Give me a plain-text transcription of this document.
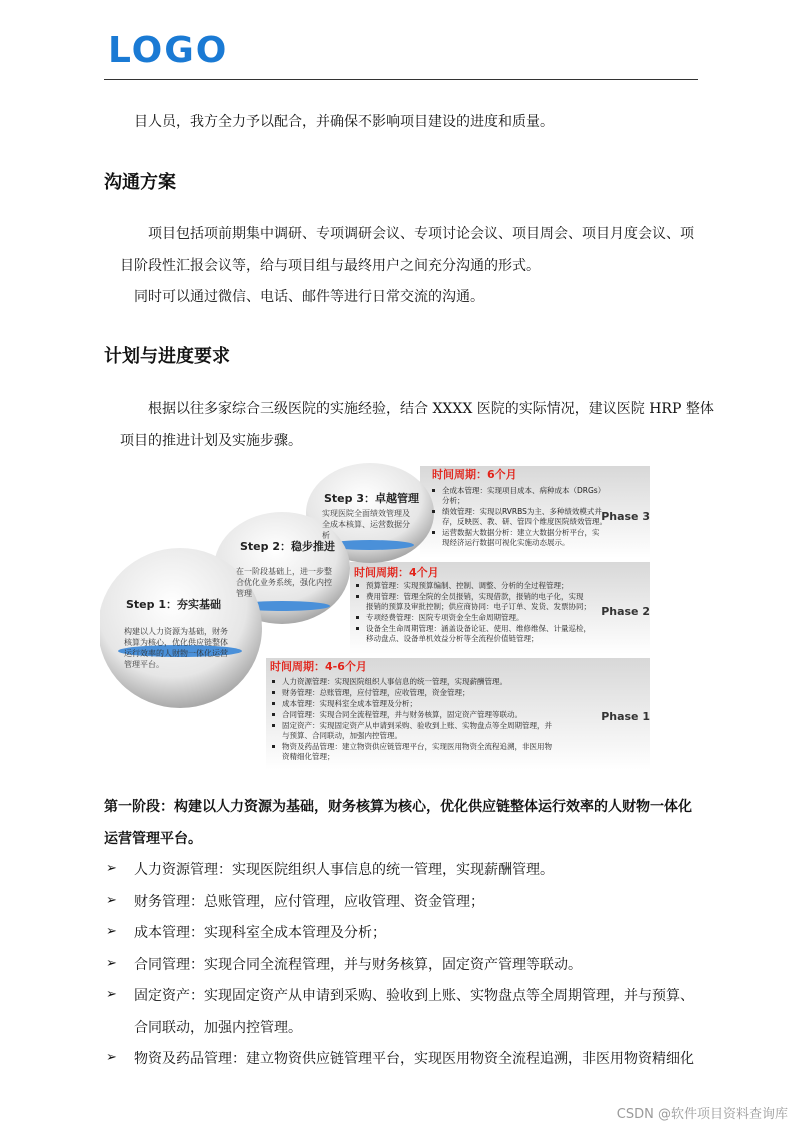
LOGO
目人员，我方全力予以配合，并确保不影响项目建设的进度和质量。
沟通方案
项目包括项前期集中调研、专项调研会议、专项讨论会议、项目周会、项目月度会议、项
目阶段性汇报会议等，给与项目组与最终用户之间充分沟通的形式。
同时可以通过微信、电话、邮件等进行日常交流的沟通。
计划与进度要求
根据以往多家综合三级医院的实施经验，结合 XXXX 医院的实际情况，建议医院 HRP 整体
项目的推进计划及实施步骤。
Step 3：卓越管理
Step 2：稳步推进
Step 1：夯实基础
实现医院全面绩效管理及
全成本核算、运营数据分
析
在一阶段基础上，进一步整
合优化业务系统，强化内控
管理
构建以人力资源为基础，财务
核算为核心，优化供应链整体
运行效率的人财物一体化运营
管理平台。
时间周期：6个月
时间周期：4个月
时间周期：4-6个月
Phase 3
Phase 2
Phase 1
全成本管理：实现项目成本、病种成本（DRGs）
分析；
绩效管理：实现以RVRBS为主、多种绩效模式并
存，反映医、教、研、管四个维度医院绩效管理。
运营数据大数据分析：建立大数据分析平台，实
现经济运行数据可视化实施动态展示。
预算管理：实现预算编制、控制、调整、分析的全过程管理；
费用管理：管理全院的全员报销，实现借款，报销的电子化，实现
报销的预算及审批控制；供应商协同：电子订单、发货、发票协同；
专项经费管理：医院专项资金全生命周期管理。
设备全生命周期管理：涵盖设备论证、使用、维修维保、计量巡检，
移动盘点、设备单机效益分析等全流程价值链管理；
人力资源管理：实现医院组织人事信息的统一管理，实现薪酬管理。
财务管理：总账管理，应付管理，应收管理，资金管理；
成本管理：实现科室全成本管理及分析；
合同管理：实现合同全流程管理，并与财务核算，固定资产管理等联动。
固定资产：实现固定资产从申请到采购、验收到上账、实物盘点等全周期管理，并
与预算、合同联动，加强内控管理。
物资及药品管理：建立物资供应链管理平台，实现医用物资全流程追溯，非医用物
资精细化管理；
第一阶段：构建以人力资源为基础，财务核算为核心，优化供应链整体运行效率的人财物一体化
运营管理平台。
➢ 人力资源管理：实现医院组织人事信息的统一管理，实现薪酬管理。
➢ 财务管理：总账管理，应付管理，应收管理、资金管理；
➢ 成本管理：实现科室全成本管理及分析；
➢ 合同管理：实现合同全流程管理，并与财务核算，固定资产管理等联动。
➢ 固定资产：实现固定资产从申请到采购、验收到上账、实物盘点等全周期管理，并与预算、
合同联动，加强内控管理。
➢ 物资及药品管理：建立物资供应链管理平台，实现医用物资全流程追溯，非医用物资精细化
CSDN @软件项目资料查询库
